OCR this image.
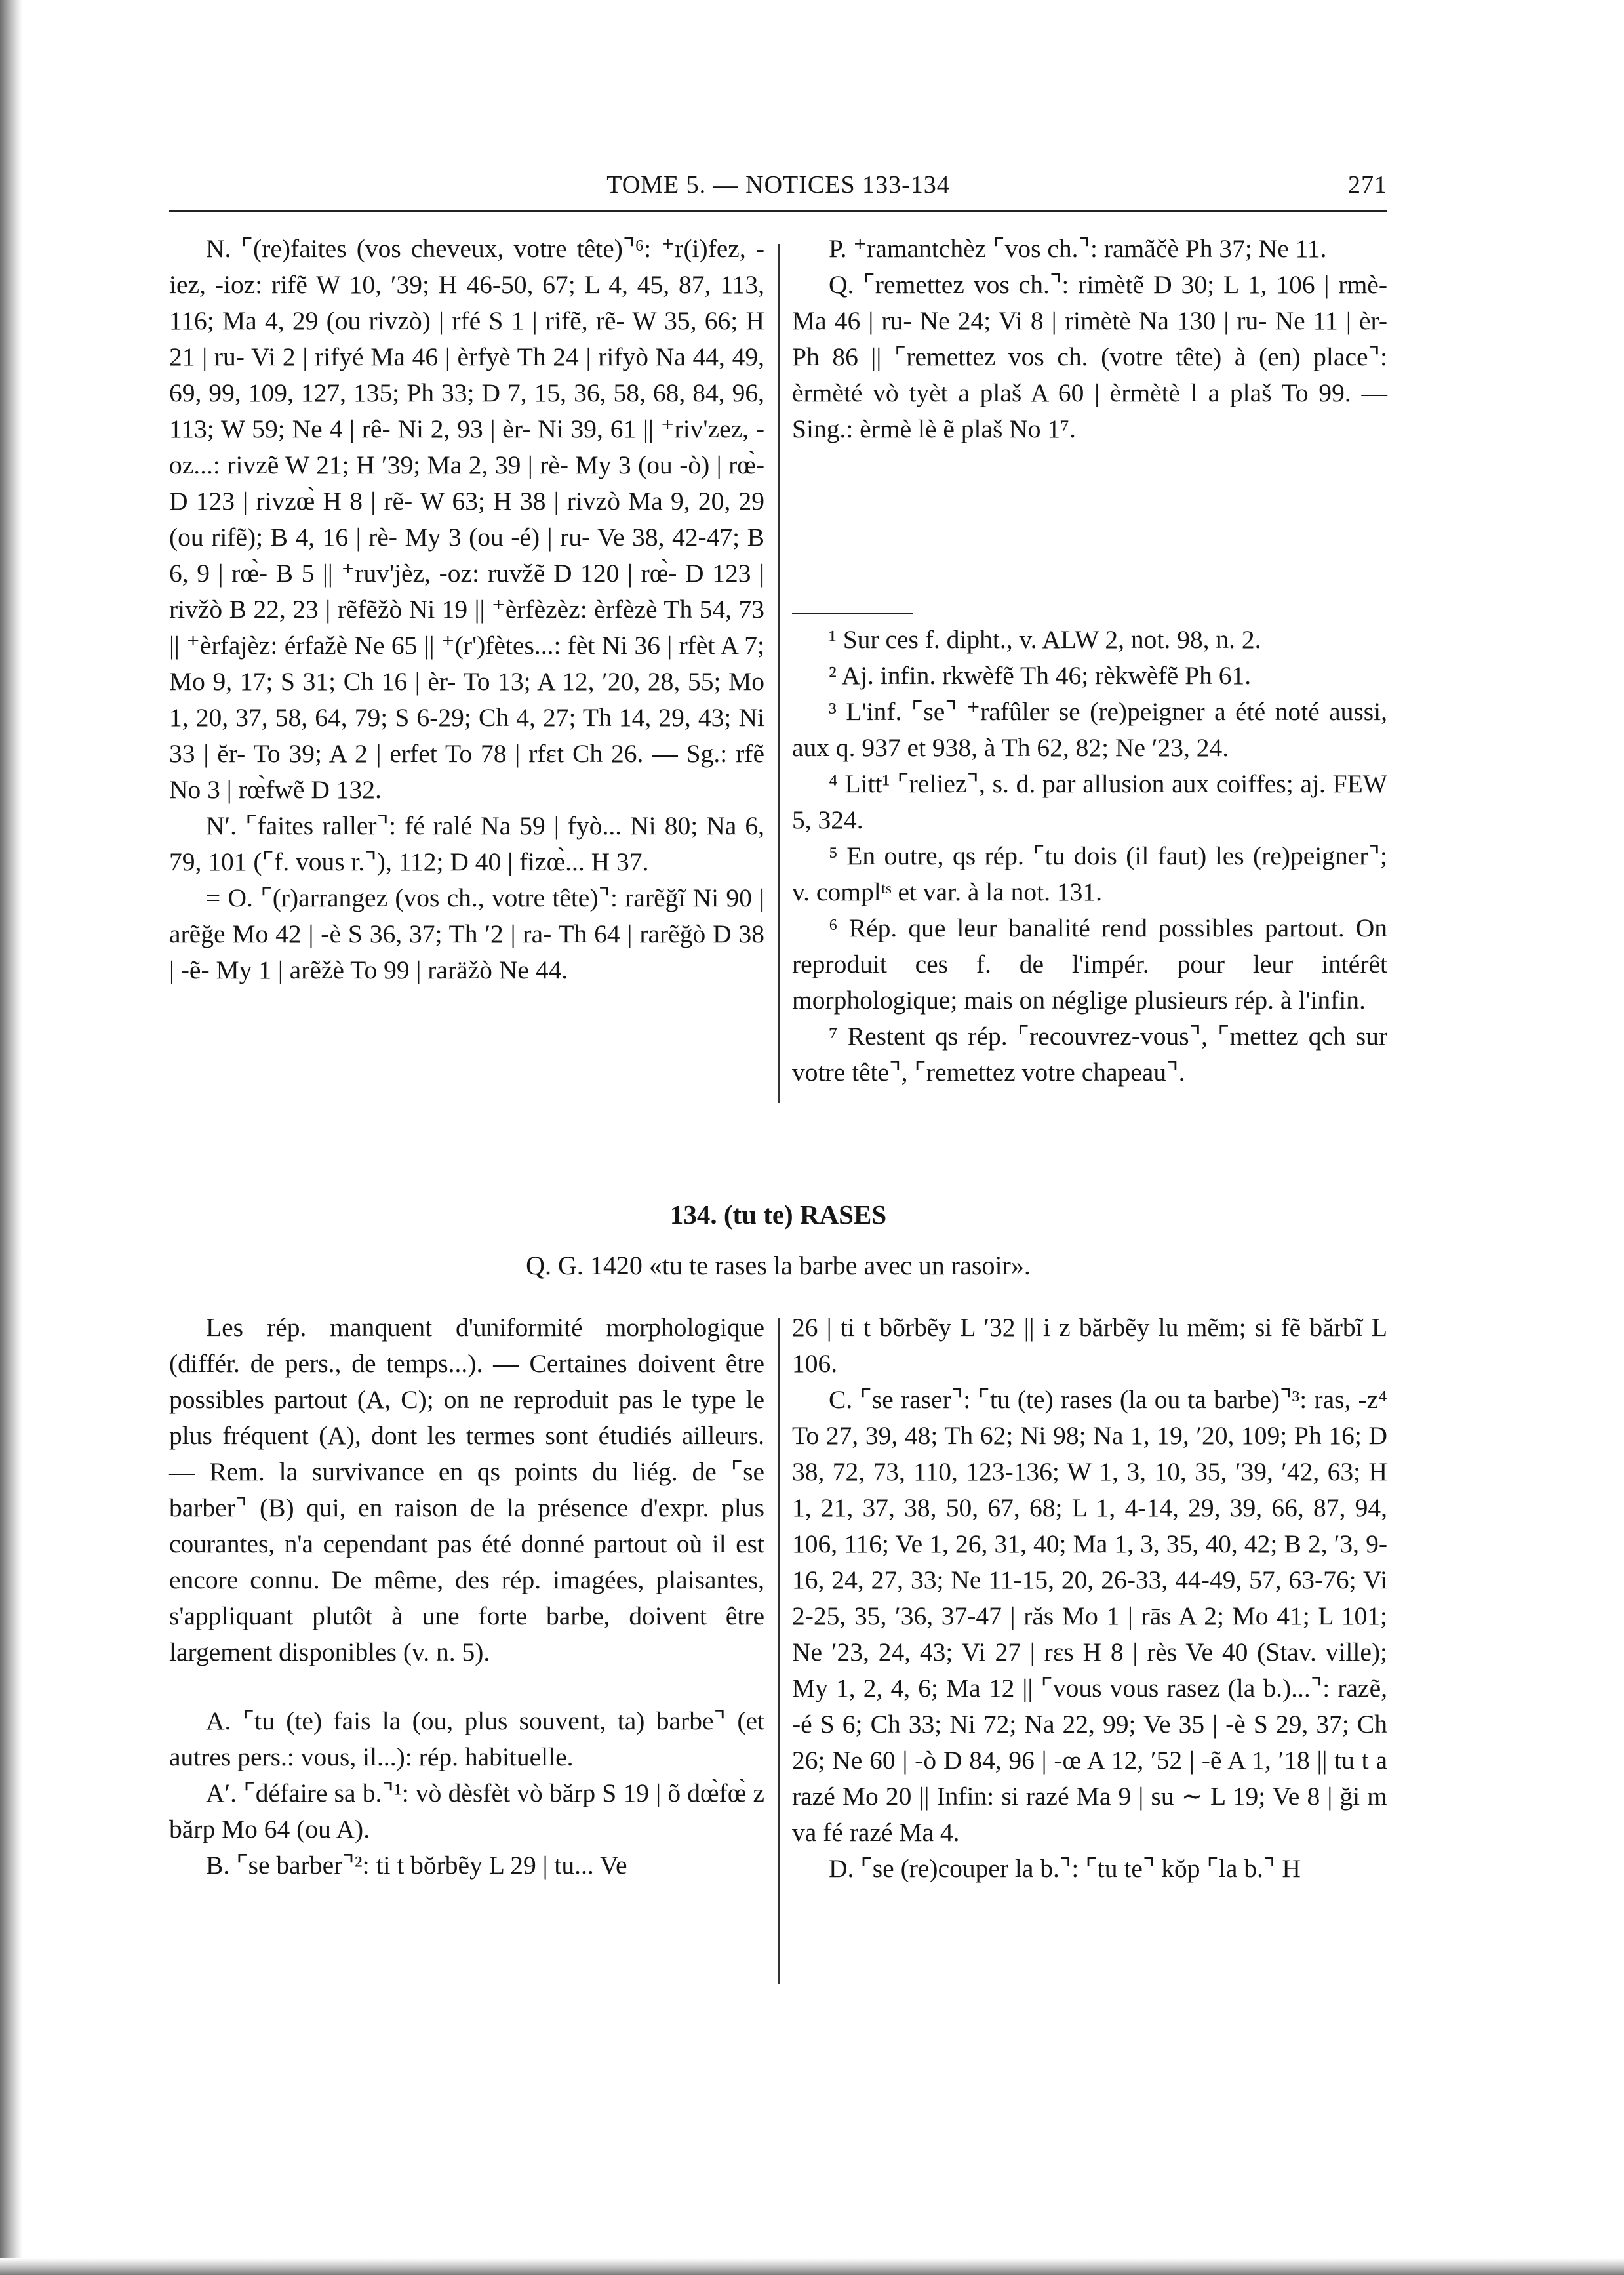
TOME 5. — NOTICES 133-134	271

N. ⌜(re)faites (vos cheveux, votre tête)⌝⁶: ⁺r(i)fez, -iez, -ioz: rifẽ W 10, ′39; H 46-50, 67; L 4, 45, 87, 113, 116; Ma 4, 29 (ou rivzò) | rfé S 1 | rifẽ, rẽ- W 35, 66; H 21 | ru- Vi 2 | rifyé Ma 46 | èrfyè Th 24 | rifyò Na 44, 49, 69, 99, 109, 127, 135; Ph 33; D 7, 15, 36, 58, 68, 84, 96, 113; W 59; Ne 4 | rê- Ni 2, 93 | èr- Ni 39, 61 || ⁺riv'zez, -oz...: rivzẽ W 21; H ′39; Ma 2, 39 | rè- My 3 (ou -ò) | rœ̀- D 123 | rivzœ̀ H 8 | rẽ- W 63; H 38 | rivzò Ma 9, 20, 29 (ou rifẽ); B 4, 16 | rè- My 3 (ou -é) | ru- Ve 38, 42-47; B 6, 9 | rœ̀- B 5 || ⁺ruv'jèz, -oz: ruvžẽ D 120 | rœ̀- D 123 | rivžò B 22, 23 | rẽfẽžò Ni 19 || ⁺èrfèzèz: èrfèzè Th 54, 73 || ⁺èrfajèz: érfažè Ne 65 || ⁺(r')fètes...: fèt Ni 36 | rfèt A 7; Mo 9, 17; S 31; Ch 16 | èr- To 13; A 12, ′20, 28, 55; Mo 1, 20, 37, 58, 64, 79; S 6-29; Ch 4, 27; Th 14, 29, 43; Ni 33 | ĕr- To 39; A 2 | erfet To 78 | rfɛt Ch 26. — Sg.: rfẽ No 3 | rœ̀fwẽ D 132.

N′. ⌜faites raller⌝: fé ralé Na 59 | fyò... Ni 80; Na 6, 79, 101 (⌜f. vous r.⌝), 112; D 40 | fizœ̀... H 37.

= O. ⌜(r)arrangez (vos ch., votre tête)⌝: rarẽğĩ Ni 90 | arẽğe Mo 42 | -è S 36, 37; Th ′2 | ra- Th 64 | rarẽğò D 38 | -ẽ- My 1 | arẽžè To 99 | raräžò Ne 44.

P. ⁺ramantchèz ⌜vos ch.⌝: ramãčè Ph 37; Ne 11.

Q. ⌜remettez vos ch.⌝: rimètẽ D 30; L 1, 106 | rmè- Ma 46 | ru- Ne 24; Vi 8 | rimètè Na 130 | ru- Ne 11 | èr- Ph 86 || ⌜remettez vos ch. (votre tête) à (en) place⌝: èrmèté vò tyèt a plaš A 60 | èrmètè l a plaš To 99. — Sing.: èrmè lè ẽ plaš No 1⁷.

¹ Sur ces f. dipht., v. ALW 2, not. 98, n. 2.

² Aj. infin. rkwèfẽ Th 46; rèkwèfẽ Ph 61.

³ L'inf. ⌜se⌝ ⁺rafûler se (re)peigner a été noté aussi, aux q. 937 et 938, à Th 62, 82; Ne ′23, 24.

⁴ Litt¹ ⌜reliez⌝, s. d. par allusion aux coiffes; aj. FEW 5, 324.

⁵ En outre, qs rép. ⌜tu dois (il faut) les (re)peigner⌝; v. complᵗˢ et var. à la not. 131.

⁶ Rép. que leur banalité rend possibles partout. On reproduit ces f. de l'impér. pour leur intérêt morphologique; mais on néglige plusieurs rép. à l'infin.

⁷ Restent qs rép. ⌜recouvrez-vous⌝, ⌜mettez qch sur votre tête⌝, ⌜remettez votre chapeau⌝.

134. (tu te) RASES
Q. G. 1420 «tu te rases la barbe avec un rasoir».

Les rép. manquent d'uniformité morphologique (différ. de pers., de temps...). — Certaines doivent être possibles partout (A, C); on ne reproduit pas le type le plus fréquent (A), dont les termes sont étudiés ailleurs. — Rem. la survivance en qs points du liég. de ⌜se barber⌝ (B) qui, en raison de la présence d'expr. plus courantes, n'a cependant pas été donné partout où il est encore connu. De même, des rép. imagées, plaisantes, s'appliquant plutôt à une forte barbe, doivent être largement disponibles (v. n. 5).

A. ⌜tu (te) fais la (ou, plus souvent, ta) barbe⌝ (et autres pers.: vous, il...): rép. habituelle.

A′. ⌜défaire sa b.⌝¹: vò dèsfèt vò bărp S 19 | õ dœ̀fœ̀ z bărp Mo 64 (ou A).

B. ⌜se barber⌝²: ti t bŏrbẽy L 29 | tu... Ve

26 | ti t bõrbẽy L ′32 || i z bărbẽy lu mẽm; si fẽ bărbĩ L 106.

C. ⌜se raser⌝: ⌜tu (te) rases (la ou ta barbe)⌝³: ras, -z⁴ To 27, 39, 48; Th 62; Ni 98; Na 1, 19, ′20, 109; Ph 16; D 38, 72, 73, 110, 123-136; W 1, 3, 10, 35, ′39, ′42, 63; H 1, 21, 37, 38, 50, 67, 68; L 1, 4-14, 29, 39, 66, 87, 94, 106, 116; Ve 1, 26, 31, 40; Ma 1, 3, 35, 40, 42; B 2, ′3, 9-16, 24, 27, 33; Ne 11-15, 20, 26-33, 44-49, 57, 63-76; Vi 2-25, 35, ′36, 37-47 | răs Mo 1 | rās A 2; Mo 41; L 101; Ne ′23, 24, 43; Vi 27 | rɛs H 8 | rès Ve 40 (Stav. ville); My 1, 2, 4, 6; Ma 12 || ⌜vous vous rasez (la b.)...⌝: razẽ, -é S 6; Ch 33; Ni 72; Na 22, 99; Ve 35 | -è S 29, 37; Ch 26; Ne 60 | -ò D 84, 96 | -œ A 12, ′52 | -ẽ A 1, ′18 || tu t a razé Mo 20 || Infin: si razé Ma 9 | su ∼ L 19; Ve 8 | ği m va fé razé Ma 4.

D. ⌜se (re)couper la b.⌝: ⌜tu te⌝ kŏp ⌜la b.⌝ H
